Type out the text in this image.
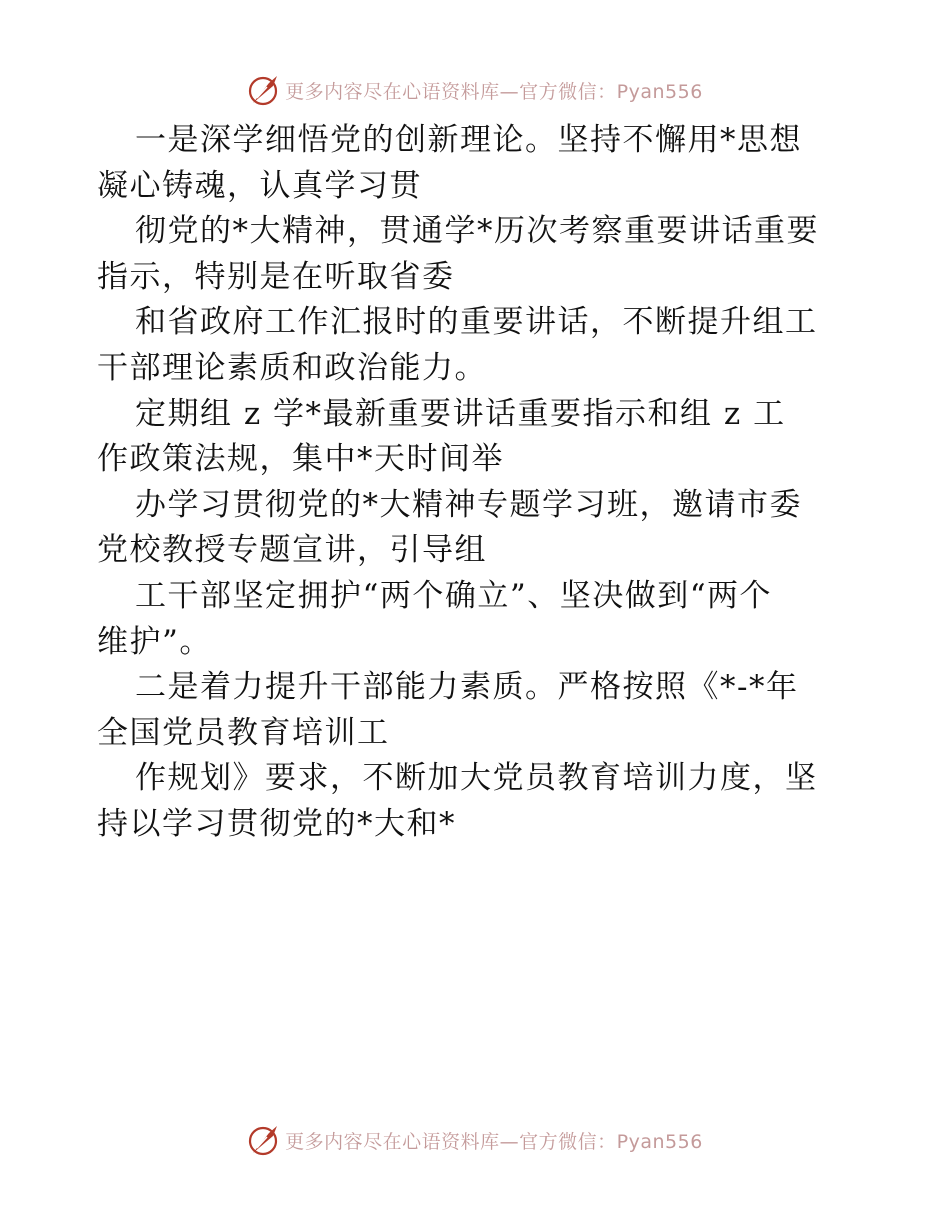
更多内容尽在心语资料库—官方微信：Pyan556
一是深学细悟党的创新理论。坚持不懈用*思想
凝心铸魂，认真学习贯
彻党的*大精神，贯通学*历次考察重要讲话重要
指示，特别是在听取省委
和省政府工作汇报时的重要讲话，不断提升组工
干部理论素质和政治能力。
定期组 z 学*最新重要讲话重要指示和组 z 工
作政策法规，集中*天时间举
办学习贯彻党的*大精神专题学习班，邀请市委
党校教授专题宣讲，引导组
工干部坚定拥护“两个确立”、坚决做到“两个
维护”。
二是着力提升干部能力素质。严格按照《*-*年
全国党员教育培训工
作规划》要求，不断加大党员教育培训力度，坚
持以学习贯彻党的*大和*
更多内容尽在心语资料库—官方微信：Pyan556
